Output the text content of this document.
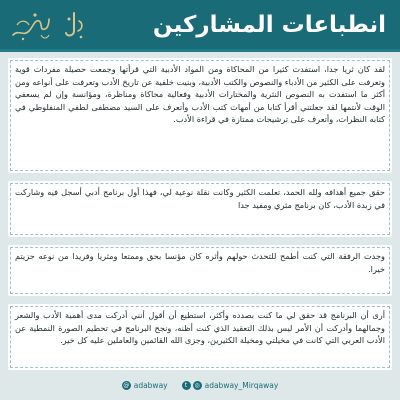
انطباعات المشاركين

لقد كان ثريا جدا، استفدت كثيرا من المحاكاة ومن المواد الأدبية التي قرأتها وجمعت حصيلة مفردات قوية وتعرفت على الكثير من الأدباء والنصوص والكتب الأدبية، وبنيت خلفية عن تاريخ الأدب وتعرفت على أنواعه ومن أكثر ما استفدت به النصوص النثرية والمختارات الأدبية وفعالية محاكاة ومناظرة، ومؤانسة وإن لم يسعفي الوقت لأنتمها لقد جعلتني أقرأ كتابا من أمهات كتب الأدب وأتعرف على السيد مصطفى لطفي المنفلوطي في كتابه النظرات، وأتعرف على ترشيحات ممتازة في قراءة الأدب.

حقق جميع أهدافه ولله الحمد، تعلمت الكثير وكانت نقلة نوعية لي، فهذا أول برنامج أدبي أسجل فيه وشاركت في زبدة الأدب، كان برنامج مثري ومفيد جدا

وجدت الرفقة التي كنت أطمح للتحدث حولهم وأثره كان مؤنسا بحق وممتعا ومثريا وفريدا من نوعه جزيتم خيرا.

أرى أن البرنامج قد حقق لي ما كنت بصدده وأكثر، استطيع أن أقول أنني أدركت مدى أهمية الأدب والشعر وجمالهما وأدركت أن الأمر ليس بذلك التعقيد الذي كنت أظنه، ونجح البرنامج في تحطيم الصورة النمطية عن الأدب العربي التي كانت في مخيلتي ومخيلة الكثيرين، وجزى الله القائمين والعاملين عليه كل خير.

@ adabway	t	◎ adabway_Mirqaway
